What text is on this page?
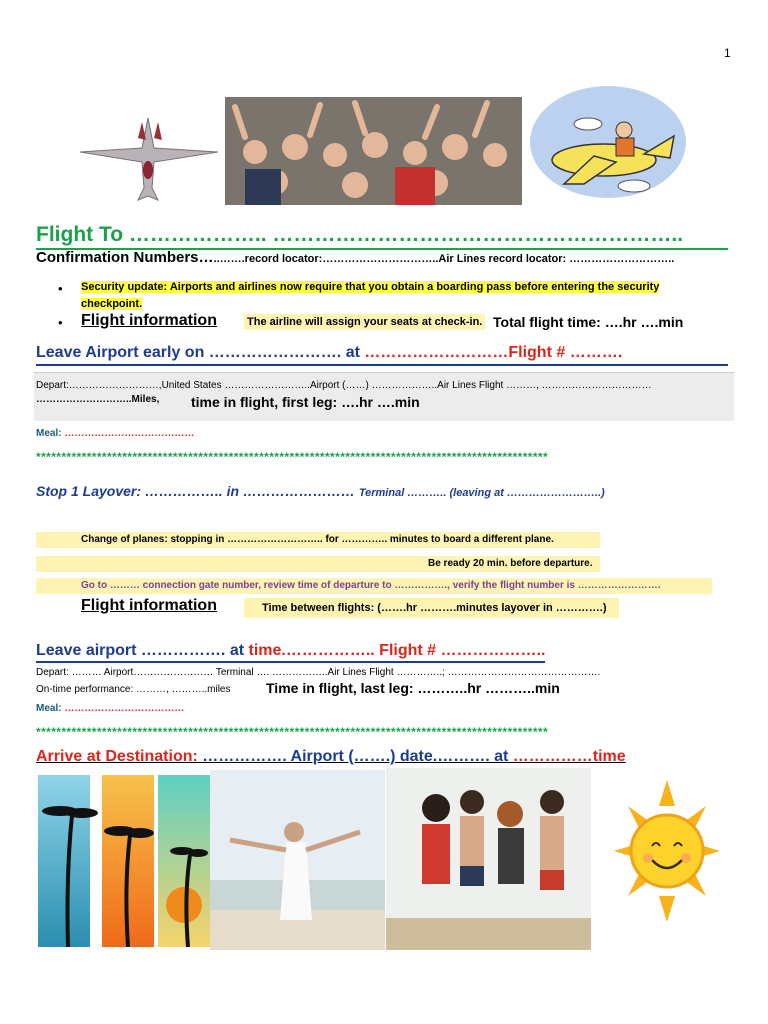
1
Flight To ……………….. …………………………………………………..
Confirmation Numbers…..…….record locator:…………………………..Air Lines record locator: ………………………..
• Security update: Airports and airlines now require that you obtain a boarding pass before entering the security checkpoint.
• Flight information	The airline will assign your seats at check-in. Total flight time: ….hr ….min
Leave Airport early on ……………………. at ………………………Flight # ……….
Depart:………………………,United States ……………………..Airport (……) ………………..Air Lines Flight ………, ……………………………
………………………..Miles, time in flight, first leg: ….hr ….min
Meal: …………………………………
*****************************************************************************************************
Stop 1 Layover: …………….. in …………………… Terminal ……….. (leaving at ……………………..)
Change of planes: stopping in ……………………….. for ………….. minutes to board a different plane.
Be ready 20 min. before departure.
Go to ……… connection gate number, review time of departure to ……………., verify the flight number is …………………….
Flight information	Time between flights: (…….hr ……….minutes layover in ………….)
Leave airport ……………. at time.…………….. Flight # ………………..
Depart: ……… Airport…………………… Terminal …. ……………..Air Lines Flight …………..; ……………………………………….
On-time performance: ………, ………..miles	Time in flight, last leg: ………..hr ………..min
Meal: ………………………………
*****************************************************************************************************
Arrive at Destination: ……………. Airport (…….) date.………. at ……………time
